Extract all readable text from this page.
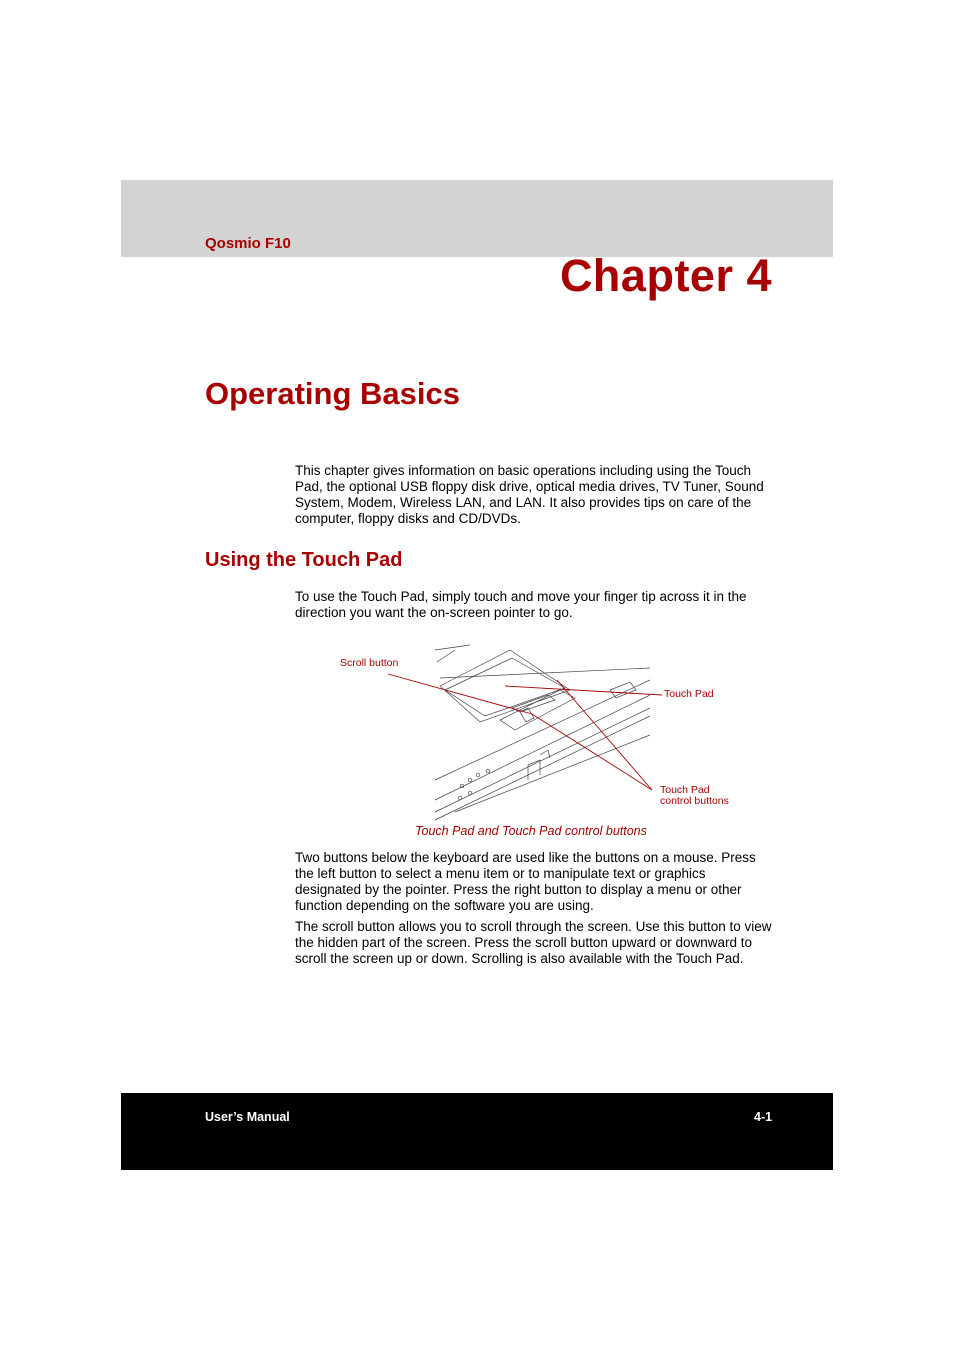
Qosmio F10
Chapter 4
Operating Basics

This chapter gives information on basic operations including using the Touch Pad, the optional USB floppy disk drive, optical media drives, TV Tuner, Sound System, Modem, Wireless LAN, and LAN. It also provides tips on care of the computer, floppy disks and CD/DVDs.

Using the Touch Pad

To use the Touch Pad, simply touch and move your finger tip across it in the direction you want the on-screen pointer to go.

Scroll button
Touch Pad
Touch Pad
control buttons
Touch Pad and Touch Pad control buttons

Two buttons below the keyboard are used like the buttons on a mouse. Press the left button to select a menu item or to manipulate text or graphics designated by the pointer. Press the right button to display a menu or other function depending on the software you are using.

The scroll button allows you to scroll through the screen. Use this button to view the hidden part of the screen. Press the scroll button upward or downward to scroll the screen up or down. Scrolling is also available with the Touch Pad.

User’s Manual	4-1
